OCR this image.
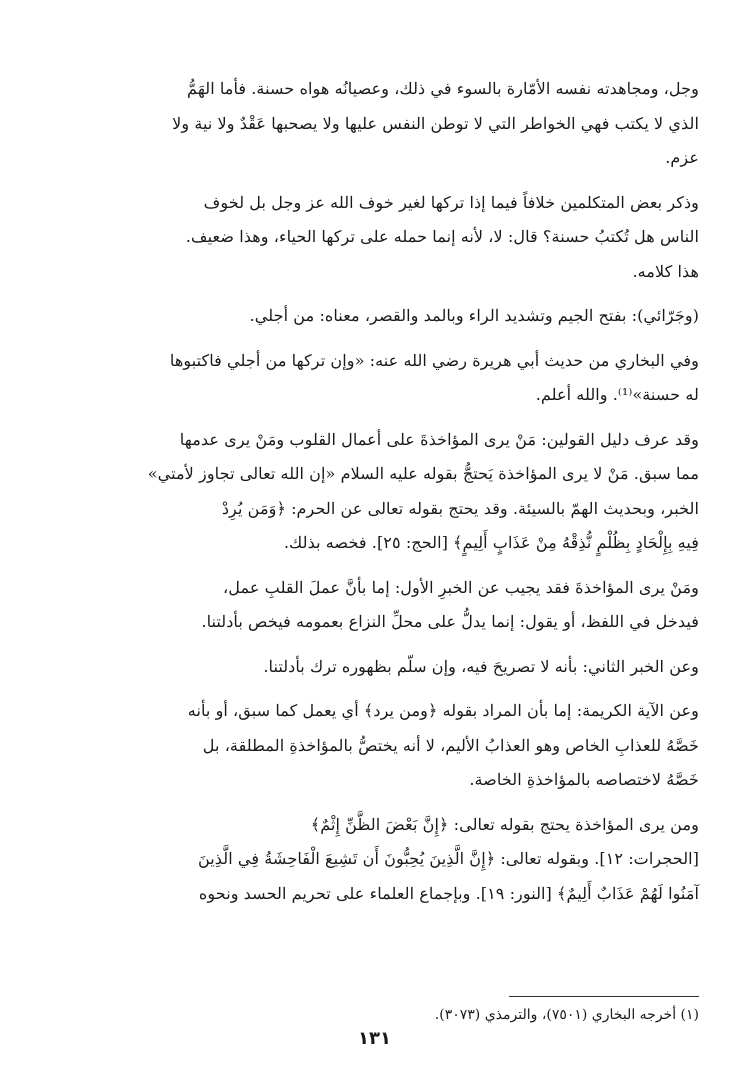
وجل، ومجاهدته نفسه الأمّارة بالسوء في ذلك، وعصيانُه هواه حسنة. فأما الهَمُّ
الذي لا يكتب فهي الخواطر التي لا توطن النفس عليها ولا يصحبها عَقْدٌ ولا نية ولا
عزم.
وذكر بعض المتكلمين خلافاً فيما إذا تركها لغير خوف الله عز وجل بل لخوف
الناس هل تُكتبُ حسنة؟ قال: لا، لأنه إنما حمله على تركها الحياء، وهذا ضعيف.
هذا كلامه.
(وجَرّائي): بفتح الجيم وتشديد الراء وبالمد والقصر، معناه: من أجلي.
وفي البخاري من حديث أبي هريرة رضي الله عنه: «وإن تركها من أجلي فاكتبوها
له حسنة»⁽¹⁾. والله أعلم.
وقد عرف دليل القولين: مَنْ يرى المؤاخذةَ على أعمال القلوب ومَنْ يرى عدمها
مما سبق. مَنْ لا يرى المؤاخذة يَحتجُّ بقوله عليه السلام «إن الله تعالى تجاوز لأمتي»
الخبر، وبحديث الهمّ بالسيئة. وقد يحتج بقوله تعالى عن الحرم: ﴿وَمَن يُرِدْ
فِيهِ بِإِلْحَادٍ بِظُلْمٍ نُّذِقْهُ مِنْ عَذَابٍ أَلِيمٍ﴾ [الحج: ٢٥]. فخصه بذلك.
ومَنْ يرى المؤاخذةَ فقد يجيب عن الخبرِ الأول: إما بأنَّ عملَ القلبِ عمل،
فيدخل في اللفظ، أو يقول: إنما يدلُّ على محلِّ النزاع بعمومه فيخص بأدلتنا.
وعن الخبر الثاني: بأنه لا تصريحَ فيه، وإن سلّم بظهوره ترك بأدلتنا.
وعن الآية الكريمة: إما بأن المراد بقوله ﴿ومن يرد﴾ أي يعمل كما سبق، أو بأنه
خَصَّهُ للعذابِ الخاص وهو العذابُ الأليم، لا أنه يختصُّ بالمؤاخذةِ المطلقة، بل
خَصَّهُ لاختصاصه بالمؤاخذةِ الخاصة.
ومن يرى المؤاخذة يحتج بقوله تعالى: ﴿إِنَّ بَعْضَ الظَّنِّ إِثْمٌ﴾
[الحجرات: ١٢]. وبقوله تعالى: ﴿إِنَّ الَّذِينَ يُحِبُّونَ أَن تَشِيعَ الْفَاحِشَةُ فِي الَّذِينَ
آمَنُوا لَهُمْ عَذَابٌ أَلِيمٌ﴾ [النور: ١٩]. وبإجماع العلماء على تحريم الحسد ونحوه
(١) أخرجه البخاري (٧٥٠١)، والترمذي (٣٠٧٣).
١٣١
